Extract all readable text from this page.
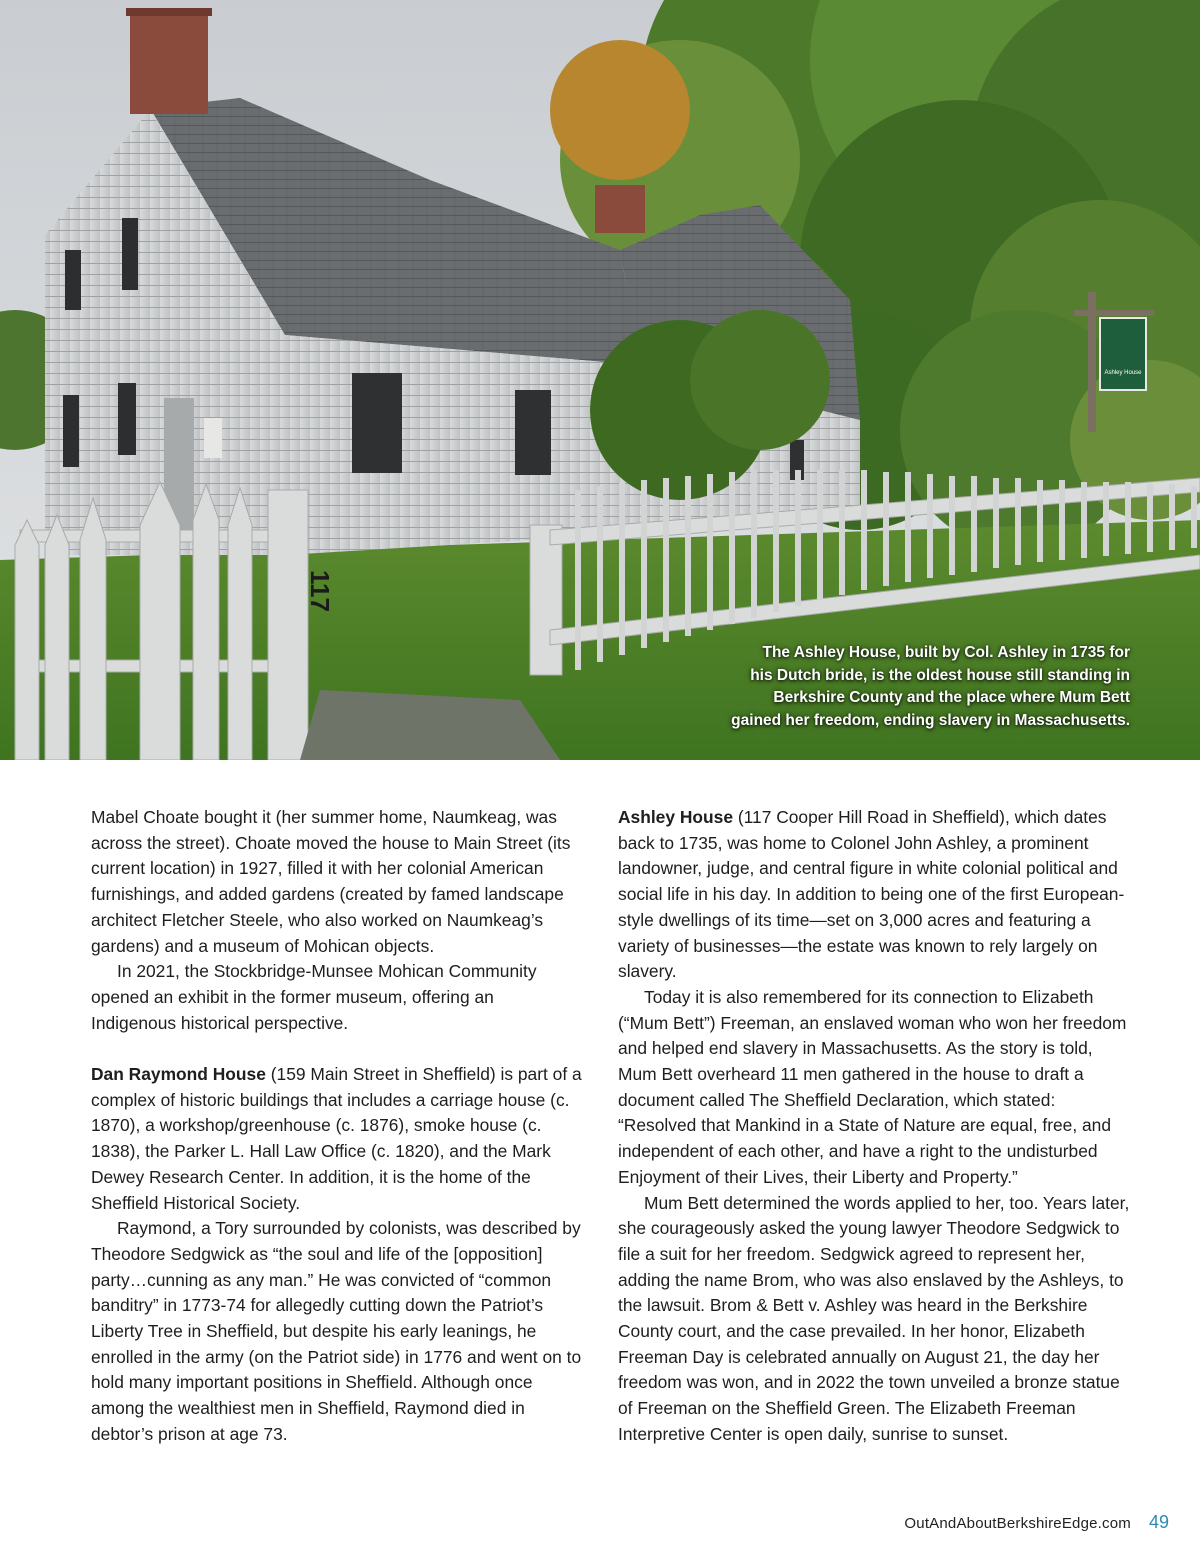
Ashley House
117
The Ashley House, built by Col. Ashley in 1735 for
his Dutch bride, is the oldest house still standing in
Berkshire County and the place where Mum Bett
gained her freedom, ending slavery in Massachusetts.

Mabel Choate bought it (her summer home, Naumkeag, was across the street). Choate moved the house to Main Street (its current location) in 1927, filled it with her colonial American furnishings, and added gardens (created by famed landscape architect Fletcher Steele, who also worked on Naumkeag’s gardens) and a museum of Mohican objects.

In 2021, the Stockbridge-Munsee Mohican Community opened an exhibit in the former museum, offering an Indigenous historical perspective.

Dan Raymond House (159 Main Street in Sheffield) is part of a complex of historic buildings that includes a carriage house (c. 1870), a workshop/greenhouse (c. 1876), smoke house (c. 1838), the Parker L. Hall Law Office (c. 1820), and the Mark Dewey Research Center. In addition, it is the home of the Sheffield Historical Society.

Raymond, a Tory surrounded by colonists, was described by Theodore Sedgwick as “the soul and life of the [opposition] party…cunning as any man.” He was convicted of “common banditry” in 1773-74 for allegedly cutting down the Patriot’s Liberty Tree in Sheffield, but despite his early leanings, he enrolled in the army (on the Patriot side) in 1776 and went on to hold many important positions in Sheffield. Although once among the wealthiest men in Sheffield, Raymond died in debtor’s prison at age 73.

Ashley House (117 Cooper Hill Road in Sheffield), which dates back to 1735, was home to Colonel John Ashley, a prominent landowner, judge, and central figure in white colonial political and social life in his day. In addition to being one of the first European-style dwellings of its time—set on 3,000 acres and featuring a variety of businesses—the estate was known to rely largely on slavery.

Today it is also remembered for its connection to Elizabeth (“Mum Bett”) Freeman, an enslaved woman who won her freedom and helped end slavery in Massachusetts. As the story is told, Mum Bett overheard 11 men gathered in the house to draft a document called The Sheffield Declaration, which stated: “Resolved that Mankind in a State of Nature are equal, free, and independent of each other, and have a right to the undisturbed Enjoyment of their Lives, their Liberty and Property.”

Mum Bett determined the words applied to her, too. Years later, she courageously asked the young lawyer Theodore Sedgwick to file a suit for her freedom. Sedgwick agreed to represent her, adding the name Brom, who was also enslaved by the Ashleys, to the lawsuit. Brom & Bett v. Ashley was heard in the Berkshire County court, and the case prevailed. In her honor, Elizabeth Freeman Day is celebrated annually on August 21, the day her freedom was won, and in 2022 the town unveiled a bronze statue of Freeman on the Sheffield Green. The Elizabeth Freeman Interpretive Center is open daily, sunrise to sunset.

OutAndAboutBerkshireEdge.com 49
